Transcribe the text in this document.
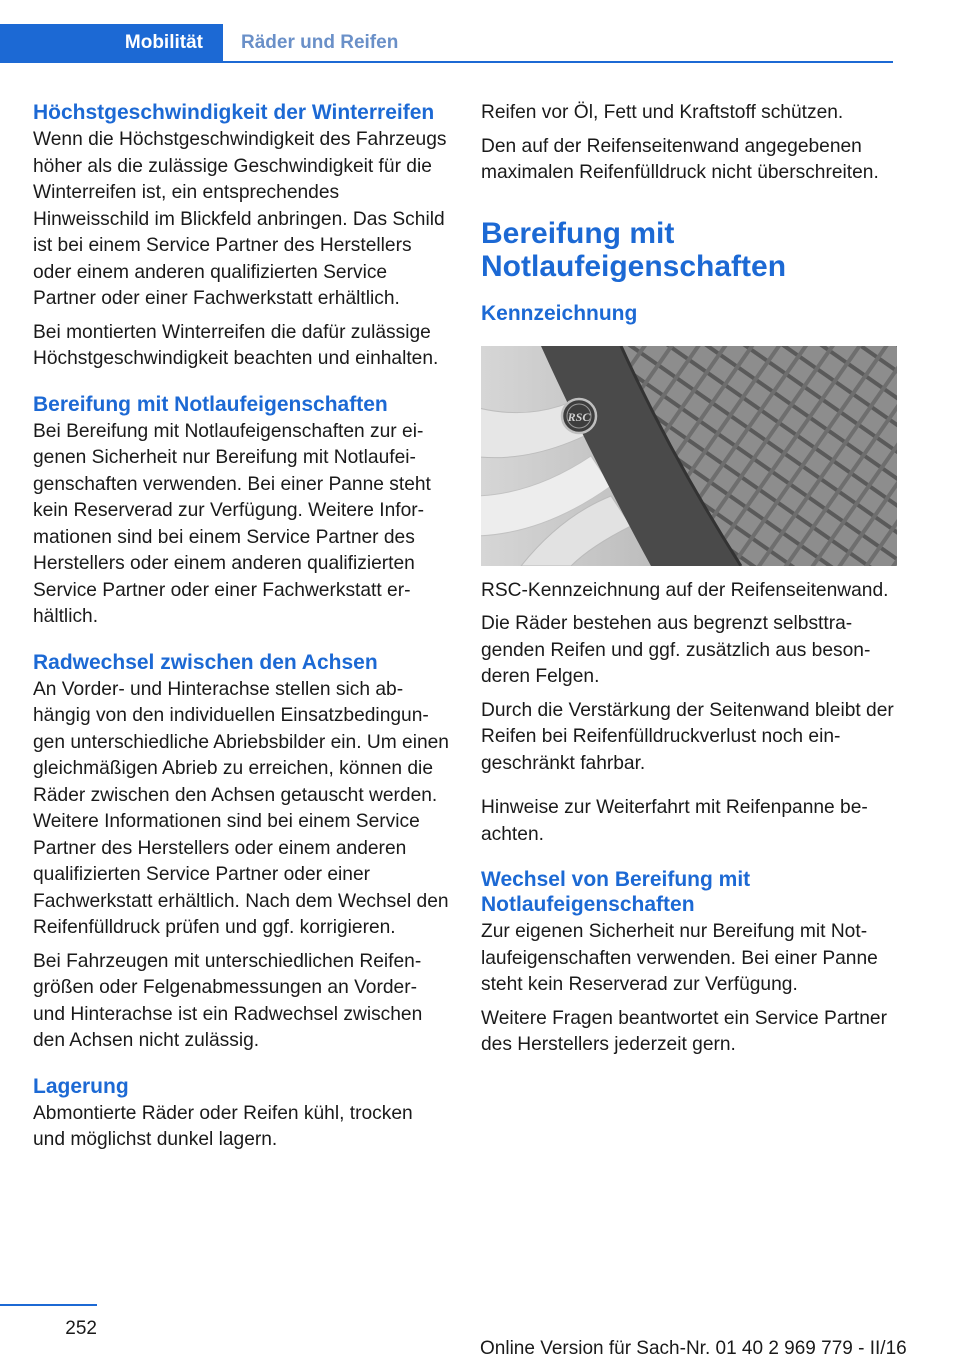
Mobilität Räder und Reifen
Höchstgeschwindigkeit der Winterreifen

Wenn die Höchstgeschwindigkeit des Fahrzeugs höher als die zulässige Geschwindigkeit für die Winterreifen ist, ein entsprechendes Hinweisschild im Blickfeld anbringen. Das Schild ist bei einem Service Partner des Herstellers oder einem anderen qualifizierten Service Partner oder einer Fachwerkstatt erhältlich.

Bei montierten Winterreifen die dafür zulässige Höchstgeschwindigkeit beachten und einhalten.

Bereifung mit Notlaufeigenschaften

Bei Bereifung mit Notlaufeigenschaften zur eigenen Sicherheit nur Bereifung mit Notlaufeigenschaften verwenden. Bei einer Panne steht kein Reserverad zur Verfügung. Weitere Informationen sind bei einem Service Partner des Herstellers oder einem anderen qualifizierten Service Partner oder einer Fachwerkstatt erhältlich.

Radwechsel zwischen den Achsen

An Vorder- und Hinterachse stellen sich abhängig von den individuellen Einsatzbedingungen unterschiedliche Abriebsbilder ein. Um einen gleichmäßigen Abrieb zu erreichen, können die Räder zwischen den Achsen getauscht werden. Weitere Informationen sind bei einem Service Partner des Herstellers oder einem anderen qualifizierten Service Partner oder einer Fachwerkstatt erhältlich. Nach dem Wechsel den Reifenfülldruck prüfen und ggf. korrigieren.

Bei Fahrzeugen mit unterschiedlichen Reifengrößen oder Felgenabmessungen an Vorder- und Hinterachse ist ein Radwechsel zwischen den Achsen nicht zulässig.

Lagerung

Abmontierte Räder oder Reifen kühl, trocken und möglichst dunkel lagern.

Reifen vor Öl, Fett und Kraftstoff schützen.

Den auf der Reifenseitenwand angegebenen maximalen Reifenfülldruck nicht überschreiten.

Bereifung mit Notlaufeigenschaften
Kennzeichnung
RSC

RSC-Kennzeichnung auf der Reifenseitenwand.

Die Räder bestehen aus begrenzt selbsttragenden Reifen und ggf. zusätzlich aus besonderen Felgen.

Durch die Verstärkung der Seitenwand bleibt der Reifen bei Reifenfülldruckverlust noch eingeschränkt fahrbar.

Hinweise zur Weiterfahrt mit Reifenpanne beachten.

Wechsel von Bereifung mit Notlaufeigenschaften

Zur eigenen Sicherheit nur Bereifung mit Notlaufeigenschaften verwenden. Bei einer Panne steht kein Reserverad zur Verfügung.

Weitere Fragen beantwortet ein Service Partner des Herstellers jederzeit gern.

252
Online Version für Sach-Nr. 01 40 2 969 779 - II/16
